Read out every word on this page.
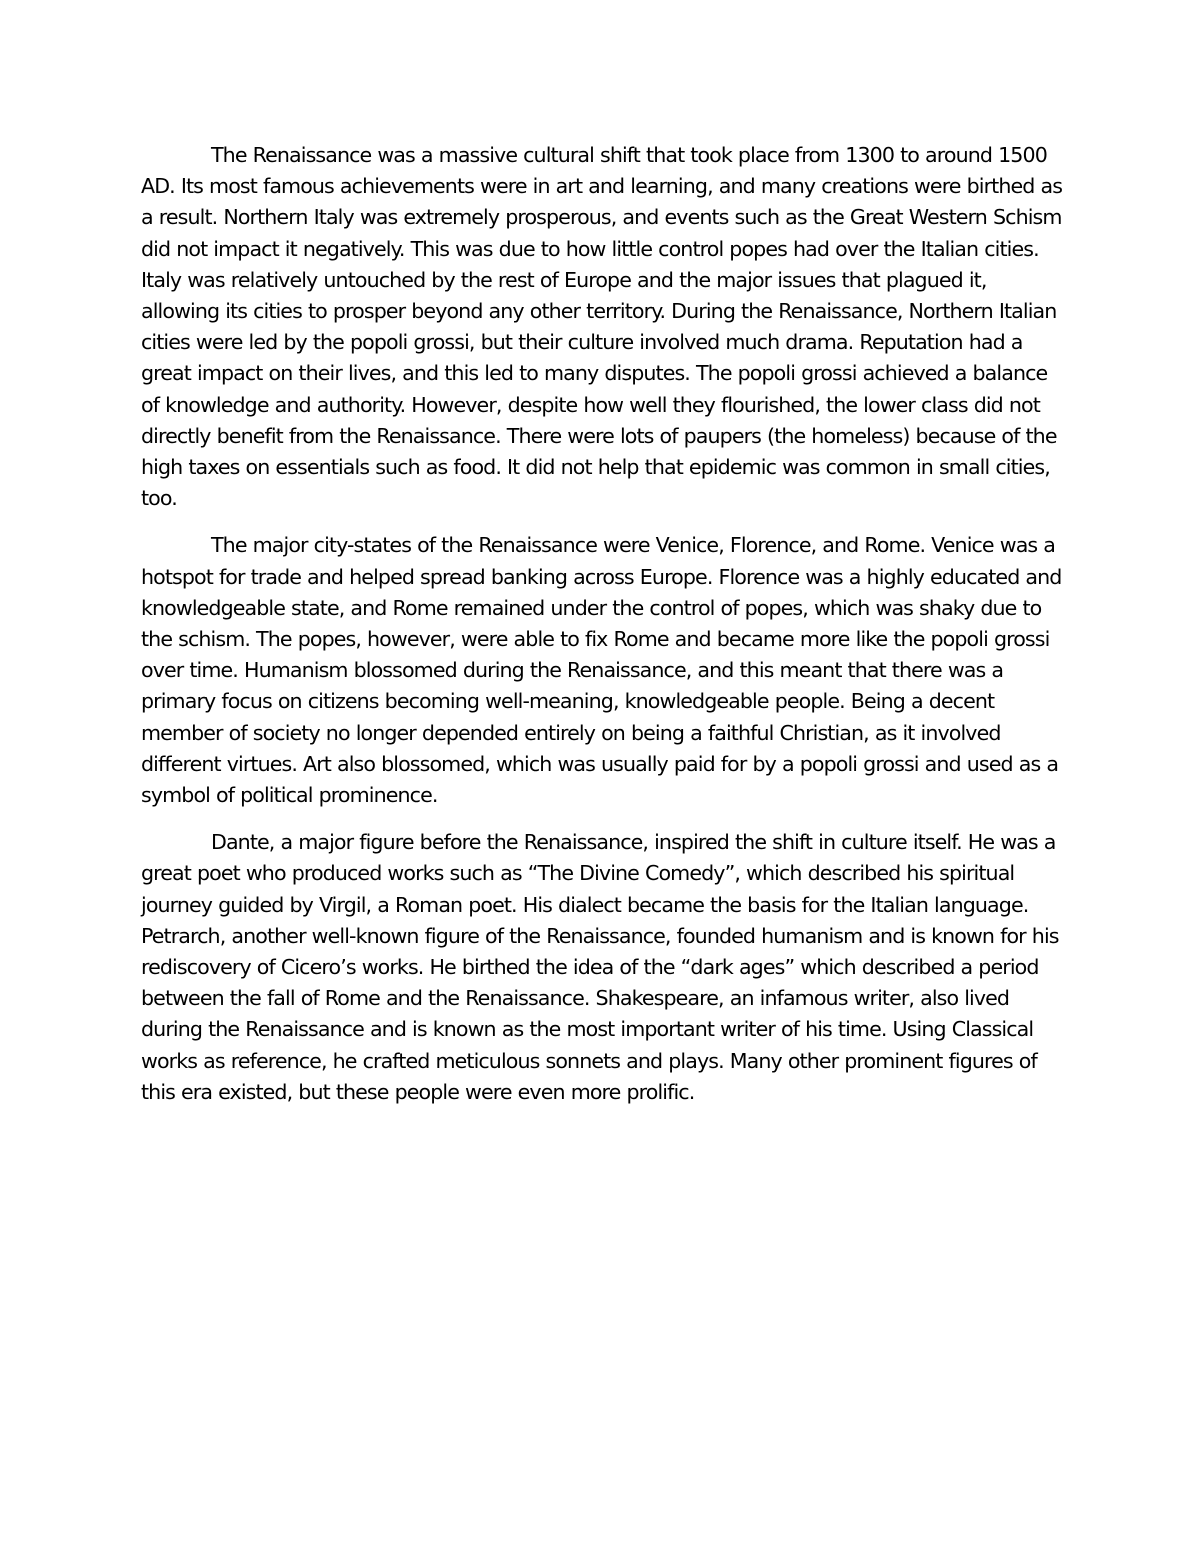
The Renaissance was a massive cultural shift that took place from 1300 to around 1500 AD. Its most famous achievements were in art and learning, and many creations were birthed as a result. Northern Italy was extremely prosperous, and events such as the Great Western Schism did not impact it negatively. This was due to how little control popes had over the Italian cities. Italy was relatively untouched by the rest of Europe and the major issues that plagued it, allowing its cities to prosper beyond any other territory. During the Renaissance, Northern Italian cities were led by the popoli grossi, but their culture involved much drama. Reputation had a great impact on their lives, and this led to many disputes. The popoli grossi achieved a balance of knowledge and authority. However, despite how well they flourished, the lower class did not directly benefit from the Renaissance. There were lots of paupers (the homeless) because of the high taxes on essentials such as food. It did not help that epidemic was common in small cities, too.

The major city-states of the Renaissance were Venice, Florence, and Rome. Venice was a hotspot for trade and helped spread banking across Europe. Florence was a highly educated and knowledgeable state, and Rome remained under the control of popes, which was shaky due to the schism. The popes, however, were able to fix Rome and became more like the popoli grossi over time. Humanism blossomed during the Renaissance, and this meant that there was a primary focus on citizens becoming well-meaning, knowledgeable people. Being a decent member of society no longer depended entirely on being a faithful Christian, as it involved different virtues. Art also blossomed, which was usually paid for by a popoli grossi and used as a symbol of political prominence.

Dante, a major figure before the Renaissance, inspired the shift in culture itself. He was a great poet who produced works such as “The Divine Comedy”, which described his spiritual journey guided by Virgil, a Roman poet. His dialect became the basis for the Italian language. Petrarch, another well-known figure of the Renaissance, founded humanism and is known for his rediscovery of Cicero’s works. He birthed the idea of the “dark ages” which described a period between the fall of Rome and the Renaissance. Shakespeare, an infamous writer, also lived during the Renaissance and is known as the most important writer of his time. Using Classical works as reference, he crafted meticulous sonnets and plays. Many other prominent figures of this era existed, but these people were even more prolific.
